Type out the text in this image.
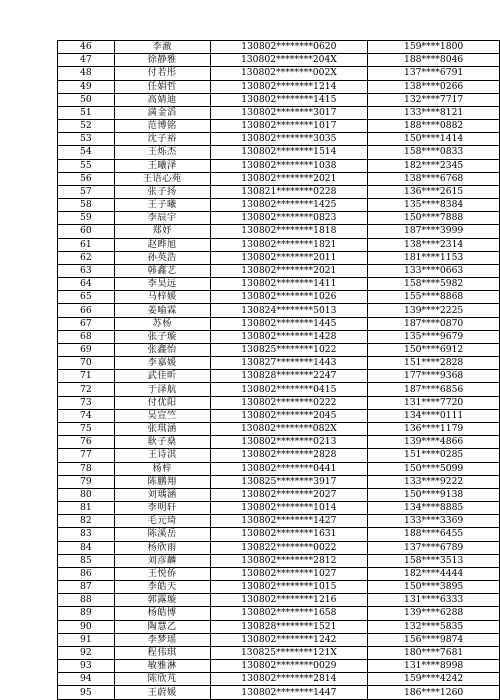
46	李澈	130802********0620	159****1800
47	徐静雅	130802********204X	188****8046
48	付若彤	130802********002X	137****6791
49	任娟哲	130802********1214	138****0266
50	高婧迪	130802********1415	132****7717
51	満金滔	130802********3017	133****8121
52	范博铭	130802********1017	188****0882
53	沈子裕	130802********3035	150****1414
54	王烁杰	130802********1514	158****0833
55	王曦泽	130802********1038	182****2345
56	王语心苑	130802********2021	138****6768
57	张子扬	130821********0228	136****2615
58	王子曦	130802********1425	135****8384
59	李辰宇	130802********0823	150****7888
60	郑妤	130802********1818	187****3999
61	赵晔旭	130802********1821	138****2314
62	孙英浩	130802********2011	181****1153
63	韩鑫艺	130802********2021	133****0663
64	李昊远	130802********1411	158****5982
65	马梓媛	130802********1026	155****8868
66	姜喻霖	130824********5013	139****2225
67	苏杨	130802********1445	187****0870
68	张子璇	130802********1428	135****9679
69	张鑫怡	130825********1022	150****6912
70	李嘉媛	130827********1443	151****2828
71	武佳昕	130828********2247	177****9368
72	于泽航	130802********0415	187****6856
73	付优阳	130802********0222	131****7720
74	吴宣竺	130802********2045	134****0111
75	张琪涵	130802********082X	136****1179
76	耿子燊	130802********0213	139****4866
77	王诗淇	130802********2828	151****0285
78	杨梓	130802********0441	150****5099
79	陈鹏翔	130825********3917	133****9222
80	刘瑀涵	130802********2027	150****9138
81	李明轩	130802********1014	134****8885
82	毛元琦	130802********1427	133****3369
83	陈溪岳	130802********1631	188****6455
84	杨欣雨	130822********0022	137****6789
85	刘彦麟	130802********2812	158****3513
86	王悦侨	130802********1027	182****4444
87	李皓天	130802********1015	150****3895
88	郭露璇	130802********1216	131****6333
89	杨皓博	130802********1658	139****6288
90	陶慧乙	130828********1521	132****5835
91	李梦瑶	130802********1242	156****9874
92	程伟琪	130825********121X	180****7681
93	敏雅淋	130802********0029	131****8998
94	陈欣芃	130802********2814	159****4242
95	王蔚媛	130802********1447	186****1260
